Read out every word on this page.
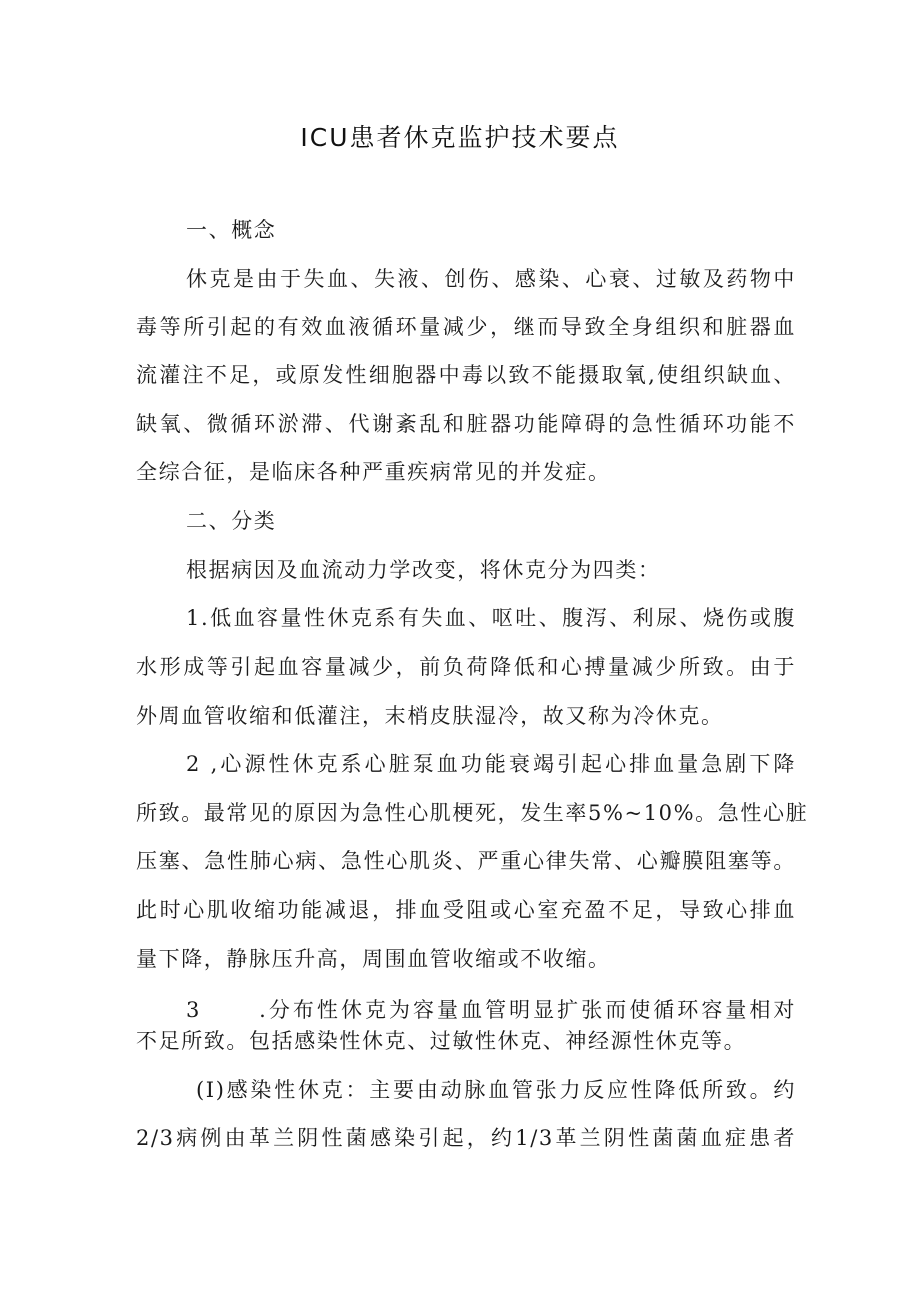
ICU患者休克监护技术要点
一、概念
休克是由于失血、失液、创伤、感染、心衰、过敏及药物中
毒等所引起的有效血液循环量减少，继而导致全身组织和脏器血
流灌注不足，或原发性细胞器中毒以致不能摄取氧,使组织缺血、
缺氧、微循环淤滞、代谢紊乱和脏器功能障碍的急性循环功能不
全综合征，是临床各种严重疾病常见的并发症。
二、分类
根据病因及血流动力学改变，将休克分为四类：
1.低血容量性休克系有失血、呕吐、腹泻、利尿、烧伤或腹
水形成等引起血容量减少，前负荷降低和心搏量减少所致。由于
外周血管收缩和低灌注，末梢皮肤湿冷，故又称为冷休克。
2 ,心源性休克系心脏泵血功能衰竭引起心排血量急剧下降
所致。最常见的原因为急性心肌梗死，发生率5%~10%。急性心脏
压塞、急性肺心病、急性心肌炎、严重心律失常、心瓣膜阻塞等。
此时心肌收缩功能减退，排血受阻或心室充盈不足，导致心排血
量下降，静脉压升高，周围血管收缩或不收缩。
3      .分布性休克为容量血管明显扩张而使循环容量相对
不足所致。包括感染性休克、过敏性休克、神经源性休克等。
(I)感染性休克：主要由动脉血管张力反应性降低所致。约
2/3病例由革兰阴性菌感染引起，约1/3革兰阴性菌菌血症患者
